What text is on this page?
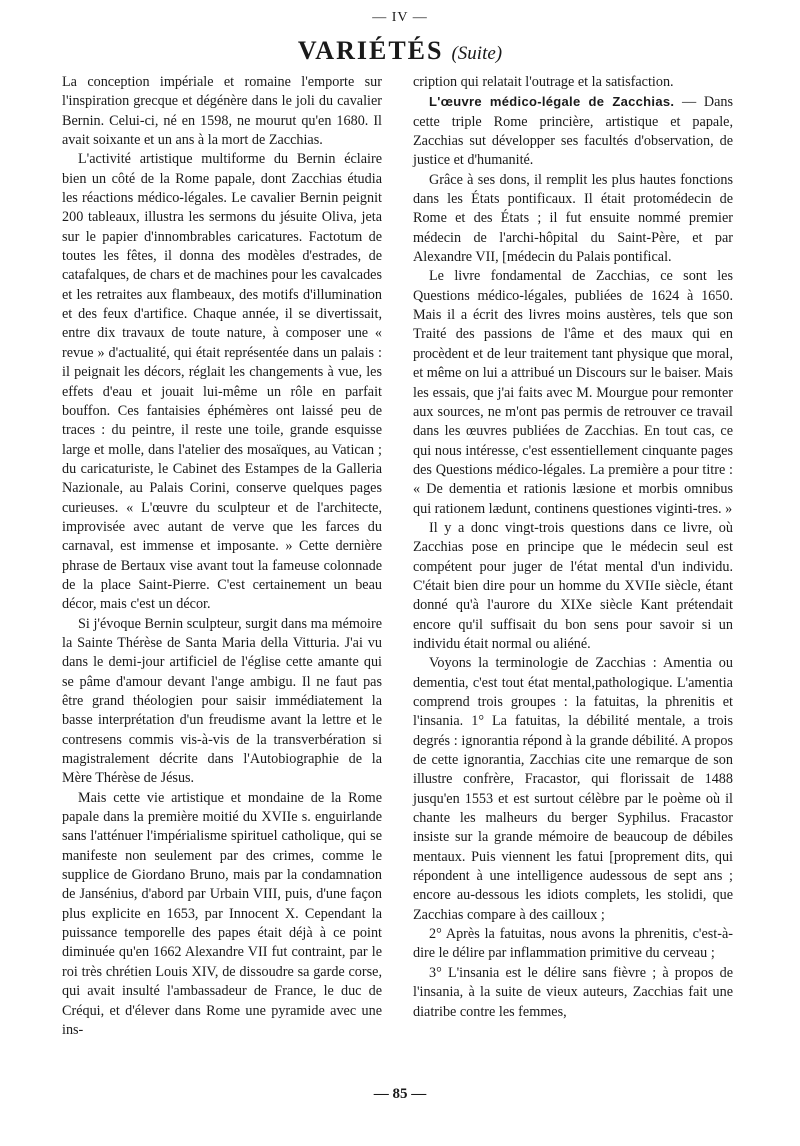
— IV —
VARIÉTÉS (Suite)

La conception impériale et romaine l'emporte sur l'inspiration grecque et dégénère dans le joli du cavalier Bernin. Celui-ci, né en 1598, ne mourut qu'en 1680. Il avait soixante et un ans à la mort de Zacchias.

L'activité artistique multiforme du Bernin éclaire bien un côté de la Rome papale, dont Zacchias étudia les réactions médico-légales. Le cavalier Bernin peignit 200 tableaux, illustra les sermons du jésuite Oliva, jeta sur le papier d'innombrables caricatures. Factotum de toutes les fêtes, il donna des modèles d'estrades, de catafalques, de chars et de machines pour les cavalcades et les retraites aux flambeaux, des motifs d'illumination et des feux d'artifice. Chaque année, il se divertissait, entre dix travaux de toute nature, à composer une « revue » d'actualité, qui était représentée dans un palais : il peignait les décors, réglait les changements à vue, les effets d'eau et jouait lui-même un rôle en parfait bouffon. Ces fantaisies éphémères ont laissé peu de traces : du peintre, il reste une toile, grande esquisse large et molle, dans l'atelier des mosaïques, au Vatican ; du caricaturiste, le Cabinet des Estampes de la Galleria Nazionale, au Palais Corini, conserve quelques pages curieuses. « L'œuvre du sculpteur et de l'architecte, improvisée avec autant de verve que les farces du carnaval, est immense et imposante. » Cette dernière phrase de Bertaux vise avant tout la fameuse colonnade de la place Saint-Pierre. C'est certainement un beau décor, mais c'est un décor.

Si j'évoque Bernin sculpteur, surgit dans ma mémoire la Sainte Thérèse de Santa Maria della Vitturia. J'ai vu dans le demi-jour artificiel de l'église cette amante qui se pâme d'amour devant l'ange ambigu. Il ne faut pas être grand théologien pour saisir immédiatement la basse interprétation d'un freudisme avant la lettre et le contresens commis vis-à-vis de la transverbération si magistralement décrite dans l'Autobiographie de la Mère Thérèse de Jésus.

Mais cette vie artistique et mondaine de la Rome papale dans la première moitié du XVIIe s. enguirlande sans l'atténuer l'impérialisme spirituel catholique, qui se manifeste non seulement par des crimes, comme le supplice de Giordano Bruno, mais par la condamnation de Jansénius, d'abord par Urbain VIII, puis, d'une façon plus explicite en 1653, par Innocent X. Cependant la puissance temporelle des papes était déjà à ce point diminuée qu'en 1662 Alexandre VII fut contraint, par le roi très chrétien Louis XIV, de dissoudre sa garde corse, qui avait insulté l'ambassadeur de France, le duc de Créqui, et d'élever dans Rome une pyramide avec une ins-

cription qui relatait l'outrage et la satisfaction.

L'œuvre médico-légale de Zacchias. — Dans cette triple Rome princière, artistique et papale, Zacchias sut développer ses facultés d'observation, de justice et d'humanité.

Grâce à ses dons, il remplit les plus hautes fonctions dans les États pontificaux. Il était protomédecin de Rome et des États ; il fut ensuite nommé premier médecin de l'archi-hôpital du Saint-Père, et par Alexandre VII, [médecin du Palais pontifical.

Le livre fondamental de Zacchias, ce sont les Questions médico-légales, publiées de 1624 à 1650. Mais il a écrit des livres moins austères, tels que son Traité des passions de l'âme et des maux qui en procèdent et de leur traitement tant physique que moral, et même on lui a attribué un Discours sur le baiser. Mais les essais, que j'ai faits avec M. Mourgue pour remonter aux sources, ne m'ont pas permis de retrouver ce travail dans les œuvres publiées de Zacchias. En tout cas, ce qui nous intéresse, c'est essentiellement cinquante pages des Questions médico-légales. La première a pour titre : « De dementia et rationis læsione et morbis omnibus qui rationem lædunt, continens questiones viginti-tres. »

Il y a donc vingt-trois questions dans ce livre, où Zacchias pose en principe que le médecin seul est compétent pour juger de l'état mental d'un individu. C'était bien dire pour un homme du XVIIe siècle, étant donné qu'à l'aurore du XIXe siècle Kant prétendait encore qu'il suffisait du bon sens pour savoir si un individu était normal ou aliéné.

Voyons la terminologie de Zacchias : Amentia ou dementia, c'est tout état mental,pathologique. L'amentia comprend trois groupes : la fatuitas, la phrenitis et l'insania. 1° La fatuitas, la débilité mentale, a trois degrés : ignorantia répond à la grande débilité. A propos de cette ignorantia, Zacchias cite une remarque de son illustre confrère, Fracastor, qui florissait de 1488 jusqu'en 1553 et est surtout célèbre par le poème où il chante les malheurs du berger Syphilus. Fracastor insiste sur la grande mémoire de beaucoup de débiles mentaux. Puis viennent les fatui [proprement dits, qui répondent à une intelligence audessous de sept ans ; encore au-dessous les idiots complets, les stolidi, que Zacchias compare à des cailloux ;

2° Après la fatuitas, nous avons la phrenitis, c'est-à-dire le délire par inflammation primitive du cerveau ;

3° L'insania est le délire sans fièvre ; à propos de l'insania, à la suite de vieux auteurs, Zacchias fait une diatribe contre les femmes,

— 85 —
